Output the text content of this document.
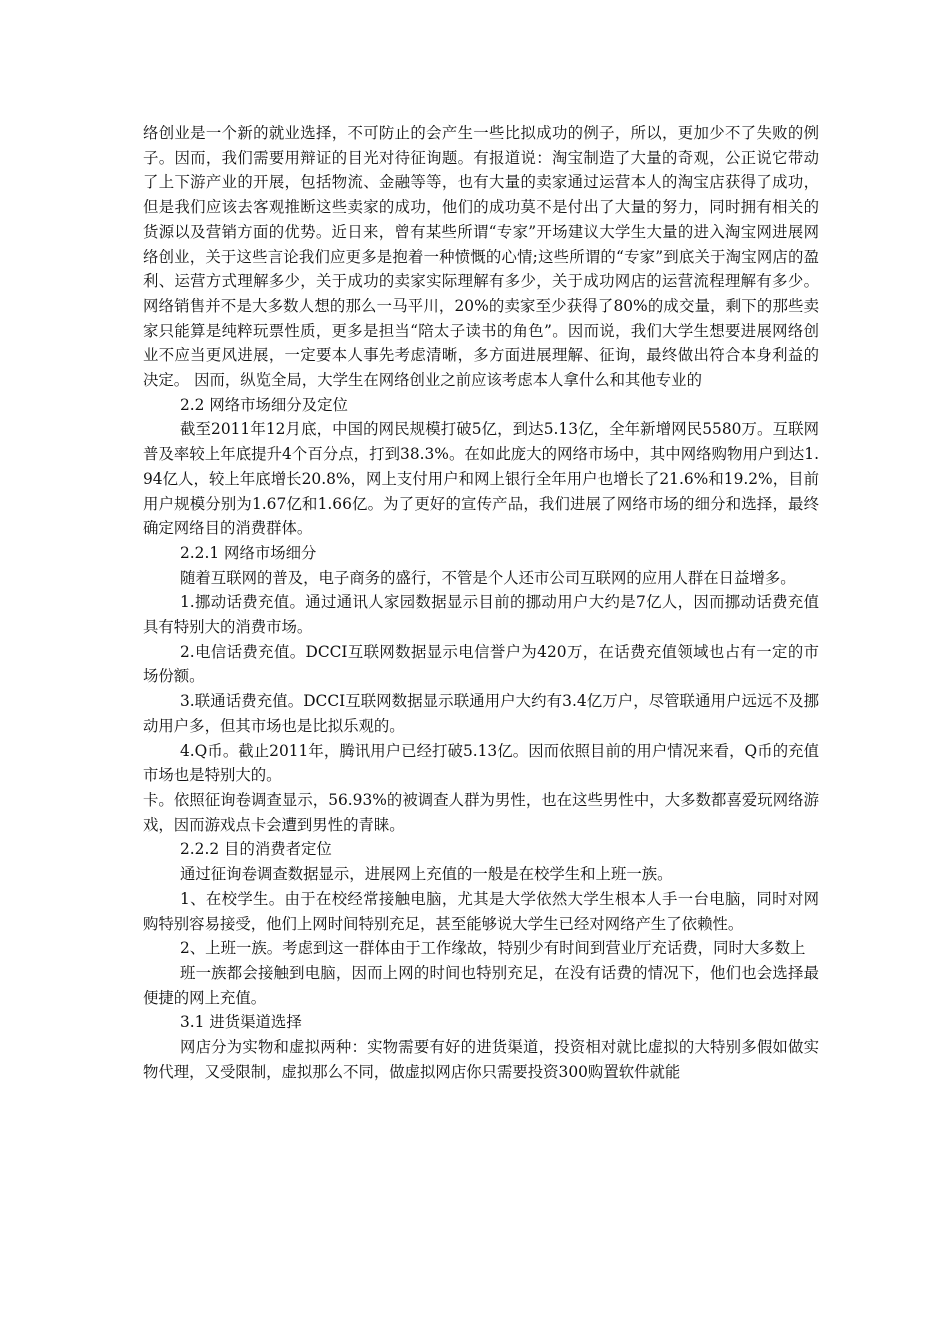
络创业是一个新的就业选择，不可防止的会产生一些比拟成功的例子，所以，更加少不了失败的例子。因而，我们需要用辩证的目光对待征询题。有报道说：淘宝制造了大量的奇观，公正说它带动了上下游产业的开展，包括物流、金融等等，也有大量的卖家通过运营本人的淘宝店获得了成功，但是我们应该去客观推断这些卖家的成功，他们的成功莫不是付出了大量的努力，同时拥有相关的货源以及营销方面的优势。近日来，曾有某些所谓“专家”开场建议大学生大量的进入淘宝网进展网络创业，关于这些言论我们应更多是抱着一种愤慨的心情;这些所谓的“专家”到底关于淘宝网店的盈利、运营方式理解多少，关于成功的卖家实际理解有多少，关于成功网店的运营流程理解有多少。网络销售并不是大多数人想的那么一马平川，20%的卖家至少获得了80%的成交量，剩下的那些卖家只能算是纯粹玩票性质，更多是担当“陪太子读书的角色”。因而说，我们大学生想要进展网络创业不应当更风进展，一定要本人事先考虑清晰，多方面进展理解、征询，最终做出符合本身利益的决定。 因而，纵览全局，大学生在网络创业之前应该考虑本人拿什么和其他专业的

2.2 网络市场细分及定位

截至2011年12月底，中国的网民规模打破5亿，到达5.13亿，全年新增网民5580万。互联网普及率较上年底提升4个百分点，打到38.3%。在如此庞大的网络市场中，其中网络购物用户到达1.94亿人，较上年底增长20.8%，网上支付用户和网上银行全年用户也增长了21.6%和19.2%，目前用户规模分别为1.67亿和1.66亿。为了更好的宣传产品，我们进展了网络市场的细分和选择，最终确定网络目的消费群体。

2.2.1 网络市场细分

随着互联网的普及，电子商务的盛行，不管是个人还市公司互联网的应用人群在日益增多。

1.挪动话费充值。通过通讯人家园数据显示目前的挪动用户大约是7亿人，因而挪动话费充值具有特别大的消费市场。

2.电信话费充值。DCCI互联网数据显示电信誉户为420万，在话费充值领域也占有一定的市场份额。

3.联通话费充值。DCCI互联网数据显示联通用户大约有3.4亿万户，尽管联通用户远远不及挪动用户多，但其市场也是比拟乐观的。

4.Q币。截止2011年，腾讯用户已经打破5.13亿。因而依照目前的用户情况来看，Q币的充值市场也是特别大的。

卡。依照征询卷调查显示，56.93%的被调查人群为男性，也在这些男性中，大多数都喜爱玩网络游戏，因而游戏点卡会遭到男性的青睐。

2.2.2 目的消费者定位

通过征询卷调查数据显示，进展网上充值的一般是在校学生和上班一族。

1、在校学生。由于在校经常接触电脑，尤其是大学依然大学生根本人手一台电脑，同时对网购特别容易接受，他们上网时间特别充足，甚至能够说大学生已经对网络产生了依赖性。

2、上班一族。考虑到这一群体由于工作缘故，特别少有时间到营业厅充话费，同时大多数上

班一族都会接触到电脑，因而上网的时间也特别充足，在没有话费的情况下，他们也会选择最便捷的网上充值。

3.1 进货渠道选择

网店分为实物和虚拟两种：实物需要有好的进货渠道，投资相对就比虚拟的大特别多假如做实物代理，又受限制，虚拟那么不同，做虚拟网店你只需要投资300购置软件就能
